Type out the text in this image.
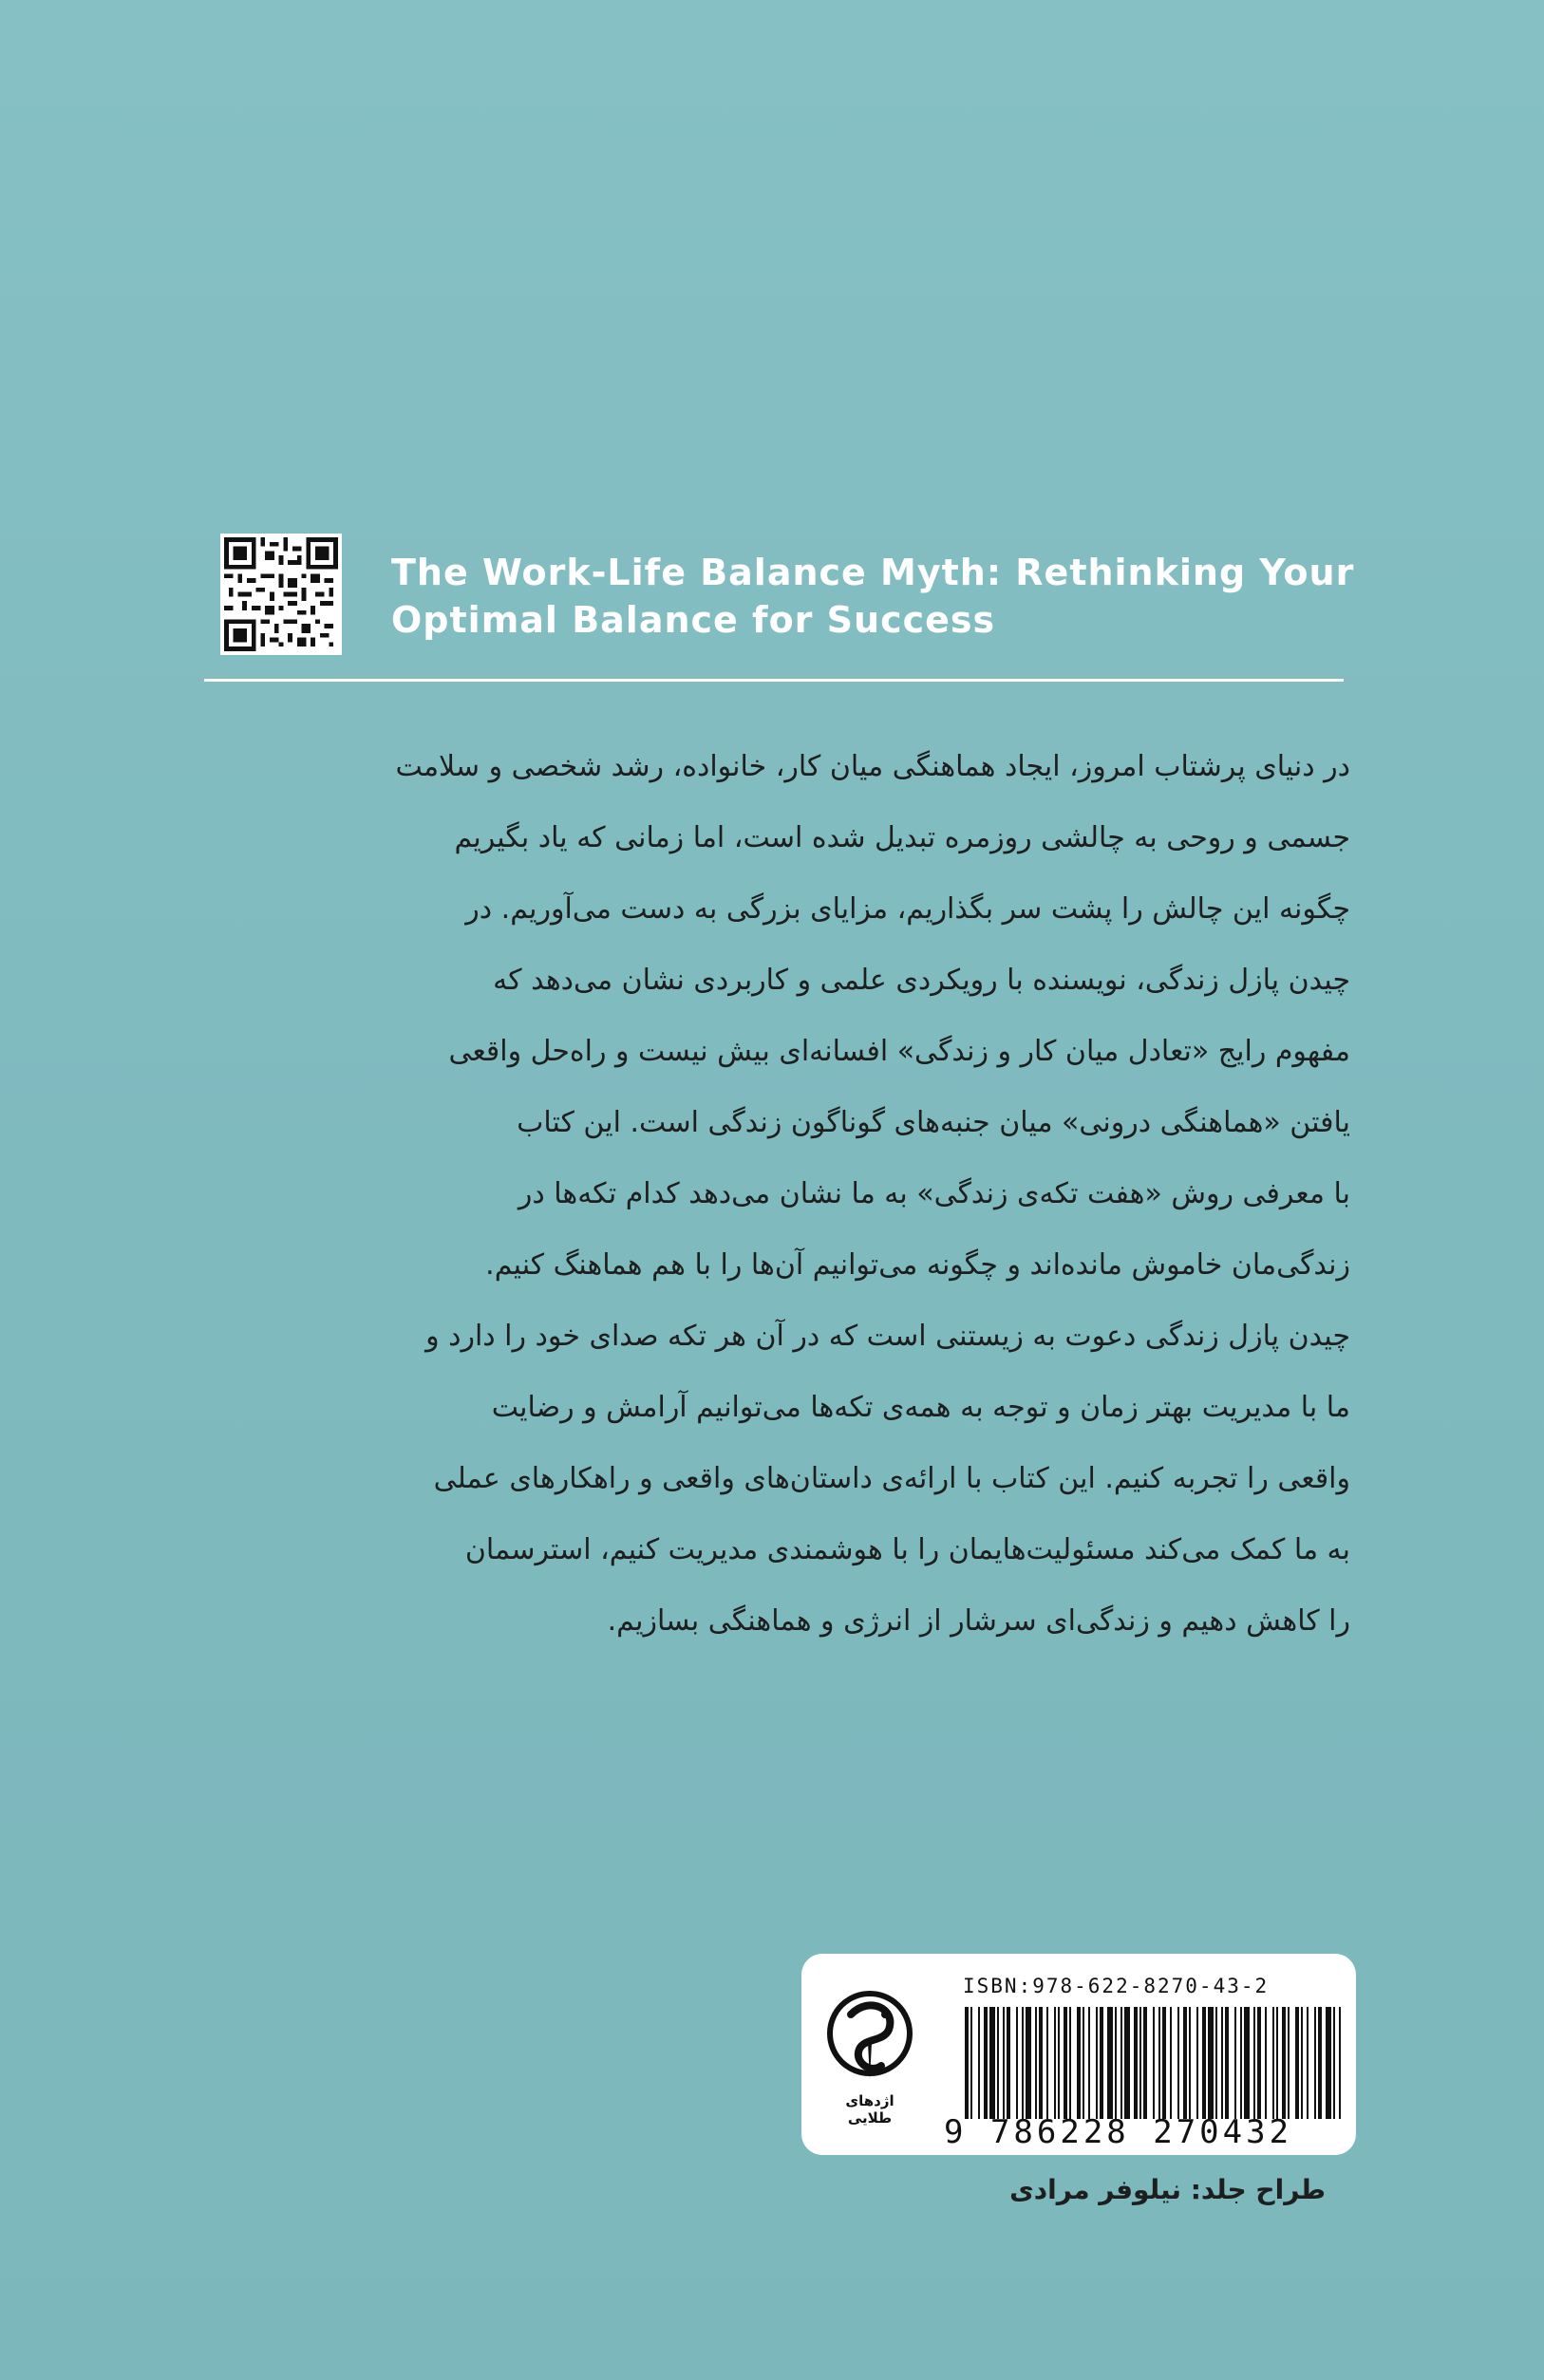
The Work-Life Balance Myth: Rethinking Your
Optimal Balance for Success

در دنیای پرشتاب امروز، ایجاد هماهنگی میان کار، خانواده، رشد شخصی و سلامت

جسمی و روحی به چالشی روزمره تبدیل شده است، اما زمانی که یاد بگیریم

چگونه این چالش را پشت سر بگذاریم، مزایای بزرگی به دست می‌آوریم. در

چیدن پازل زندگی، نویسنده با رویکردی علمی و کاربردی نشان می‌دهد که

مفهوم رایج «تعادل میان کار و زندگی» افسانه‌ای بیش نیست و راه‌حل واقعی

یافتن «هماهنگی درونی» میان جنبه‌های گوناگون زندگی است. این کتاب

با معرفی روش «هفت تکه‌ی زندگی» به ما نشان می‌دهد کدام تکه‌ها در

زندگی‌مان خاموش مانده‌اند و چگونه می‌توانیم آن‌ها را با هم هماهنگ کنیم.

چیدن پازل زندگی دعوت به زیستنی است که در آن هر تکه صدای خود را دارد و

ما با مدیریت بهتر زمان و توجه به همه‌ی تکه‌ها می‌توانیم آرامش و رضایت

واقعی را تجربه کنیم. این کتاب با ارائه‌ی داستان‌های واقعی و راهکارهای عملی

به ما کمک می‌کند مسئولیت‌هایمان را با هوشمندی مدیریت کنیم، استرسمان

را کاهش دهیم و زندگی‌ای سرشار از انرژی و هماهنگی بسازیم.

اژدهای طلایی
ISBN:978-622-8270-43-2
9 786228 270432
طراح جلد: نیلوفر مرادی
